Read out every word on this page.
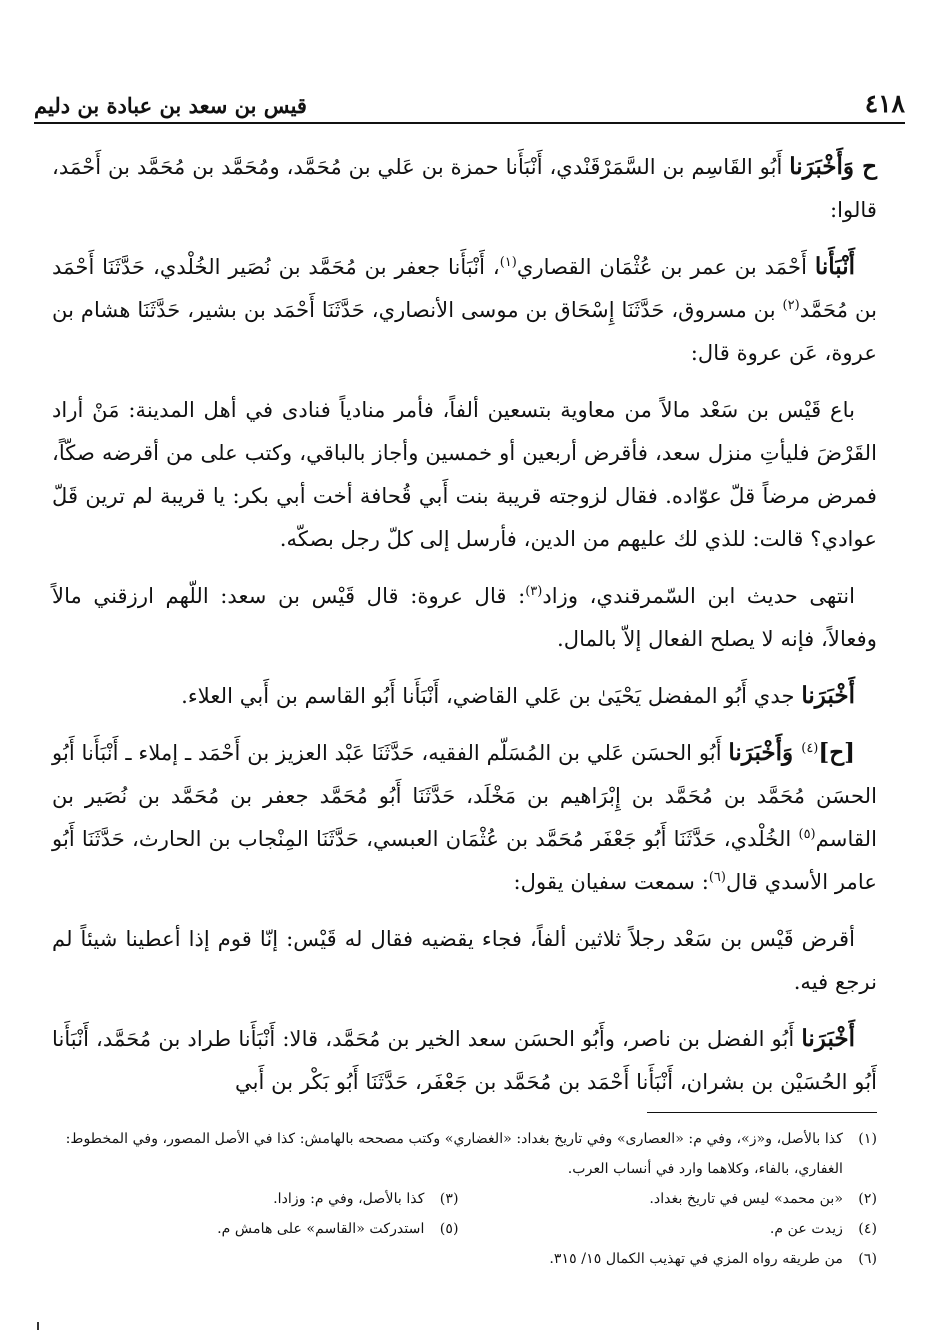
٤١٨
قيس بن سعد بن عبادة بن دليم

ح وَأَخْبَرَنا أَبُو القَاسِم بن السَّمَرْقَنْدي، أَنْبَأَنا حمزة بن عَلي بن مُحَمَّد، ومُحَمَّد بن مُحَمَّد بن أَحْمَد، قالوا:

أَنْبَأَنا أَحْمَد بن عمر بن عُثْمَان القصاري$^{(١)}$، أَنْبَأَنا جعفر بن مُحَمَّد بن نُصَير الخُلْدي، حَدَّثَنَا أَحْمَد بن مُحَمَّد$^{(٢)}$ بن مسروق، حَدَّثَنَا إِسْحَاق بن موسى الأنصاري، حَدَّثَنَا أَحْمَد بن بشير، حَدَّثَنَا هشام بن عروة، عَن عروة قال:

باع قَيْس بن سَعْد مالاً من معاوية بتسعين ألفاً، فأمر منادياً فنادى في أهل المدينة: مَنْ أراد القَرْضَ فليأتِ منزل سعد، فأقرض أربعين أو خمسين وأجاز بالباقي، وكتب على من أقرضه صكّاً، فمرض مرضاً قلّ عوّاده. فقال لزوجته قريبة بنت أَبي قُحافة أخت أبي بكر: يا قريبة لم ترين قَلّ عوادي؟ قالت: للذي لك عليهم من الدين، فأرسل إلى كلّ رجل بصكّه.

انتهى حديث ابن السّمرقندي، وزاد$^{(٣)}$: قال عروة: قال قَيْس بن سعد: اللّهم ارزقني مالاً وفعالاً، فإنه لا يصلح الفعال إلاّ بالمال.

أَخْبَرَنا جدي أَبُو المفضل يَحْيَىٰ بن عَلي القاضي، أَنْبَأَنا أَبُو القاسم بن أَبي العلاء.

[ح]$^{(٤)}$ وَأَخْبَرَنا أَبُو الحسَن عَلي بن المُسَلّم الفقيه، حَدَّثَنَا عَبْد العزيز بن أَحْمَد ـ إملاء ـ أَنْبَأَنا أَبُو الحسَن مُحَمَّد بن مُحَمَّد بن إِبْرَاهيم بن مَخْلَد، حَدَّثَنَا أَبُو مُحَمَّد جعفر بن مُحَمَّد بن نُصَير بن القاسم$^{(٥)}$ الخُلْدي، حَدَّثَنَا أَبُو جَعْفَر مُحَمَّد بن عُثْمَان العبسي، حَدَّثَنَا المِنْجاب بن الحارث، حَدَّثَنَا أَبُو عامر الأسدي قال$^{(٦)}$: سمعت سفيان يقول:

أقرض قَيْس بن سَعْد رجلاً ثلاثين ألفاً، فجاء يقضيه فقال له قَيْس: إنّا قوم إذا أعطينا شيئاً لم نرجع فيه.

أَخْبَرَنا أَبُو الفضل بن ناصر، وأَبُو الحسَن سعد الخير بن مُحَمَّد، قالا: أَنْبَأَنا طراد بن مُحَمَّد، أَنْبَأَنا أَبُو الحُسَيْن بن بشران، أَنْبَأَنا أَحْمَد بن مُحَمَّد بن جَعْفَر، حَدَّثَنَا أَبُو بَكْر بن أَبي

(١)
كذا بالأصل، و«ز»، وفي م: «العصارى» وفي تاريخ بغداد: «الغضاري» وكتب مصححه بالهامش: كذا في الأصل المصور، وفي المخطوط: الغفاري، بالفاء، وكلاهما وارد في أنساب العرب.
(٢)
«بن محمد» ليس في تاريخ بغداد.
(٣)
كذا بالأصل، وفي م: وزادا.
(٤)
زيدت عن م.
(٥)
استدركت «القاسم» على هامش م.
(٦)
من طريقه رواه المزي في تهذيب الكمال ١٥/ ٣١٥.
